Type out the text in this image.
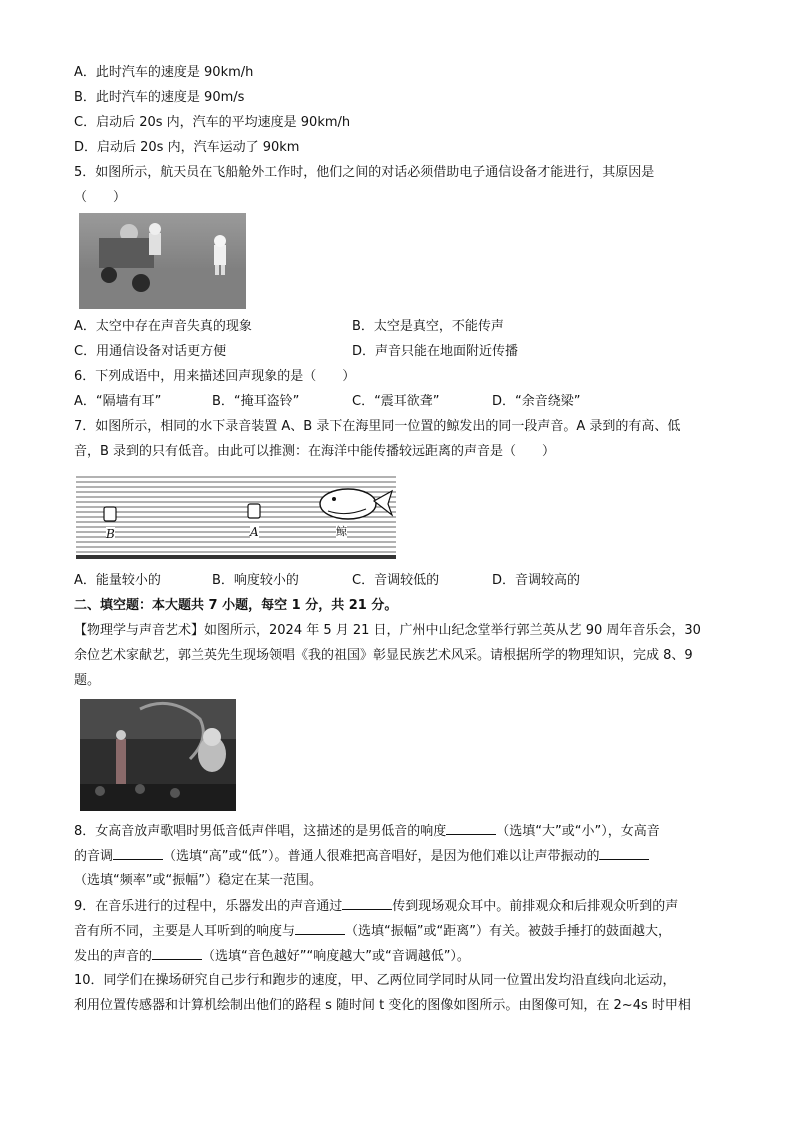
A．此时汽车的速度是 90km/h
B．此时汽车的速度是 90m/s
C．启动后 20s 内，汽车的平均速度是 90km/h
D．启动后 20s 内，汽车运动了 90km
5．如图所示，航天员在飞船舱外工作时，他们之间的对话必须借助电子通信设备才能进行，其原因是
（　　）
A．太空中存在声音失真的现象	B．太空是真空，不能传声
C．用通信设备对话更方便	D．声音只能在地面附近传播
6．下列成语中，用来描述回声现象的是（　　）
A．“隔墙有耳”	B．“掩耳盗铃”	C．“震耳欲聋”	D．“余音绕梁”
7．如图所示，相同的水下录音装置 A、B 录下在海里同一位置的鲸发出的同一段声音。A 录到的有高、低
音，B 录到的只有低音。由此可以推测：在海洋中能传播较远距离的声音是（　　）
B	A	鲸
A．能量较小的	B．响度较小的	C．音调较低的	D．音调较高的
二、填空题：本大题共 7 小题，每空 1 分，共 21 分。
【物理学与声音艺术】如图所示，2024 年 5 月 21 日，广州中山纪念堂举行郭兰英从艺 90 周年音乐会，30
余位艺术家献艺，郭兰英先生现场领唱《我的祖国》彰显民族艺术风采。请根据所学的物理知识，完成 8、9
题。
8．女高音放声歌唱时男低音低声伴唱，这描述的是男低音的响度	（选填“大”或“小”），女高音
的音调	（选填“高”或“低”）。普通人很难把高音唱好，是因为他们难以让声带振动的
（选填“频率”或“振幅”）稳定在某一范围。
9．在音乐进行的过程中，乐器发出的声音通过	传到现场观众耳中。前排观众和后排观众听到的声
音有所不同，主要是人耳听到的响度与	（选填“振幅”或“距离”）有关。被鼓手捶打的鼓面越大，
发出的声音的	（选填“音色越好”“响度越大”或“音调越低”）。
10．同学们在操场研究自己步行和跑步的速度，甲、乙两位同学同时从同一位置出发均沿直线向北运动，
利用位置传感器和计算机绘制出他们的路程 s 随时间 t 变化的图像如图所示。由图像可知，在 2~4s 时甲相
